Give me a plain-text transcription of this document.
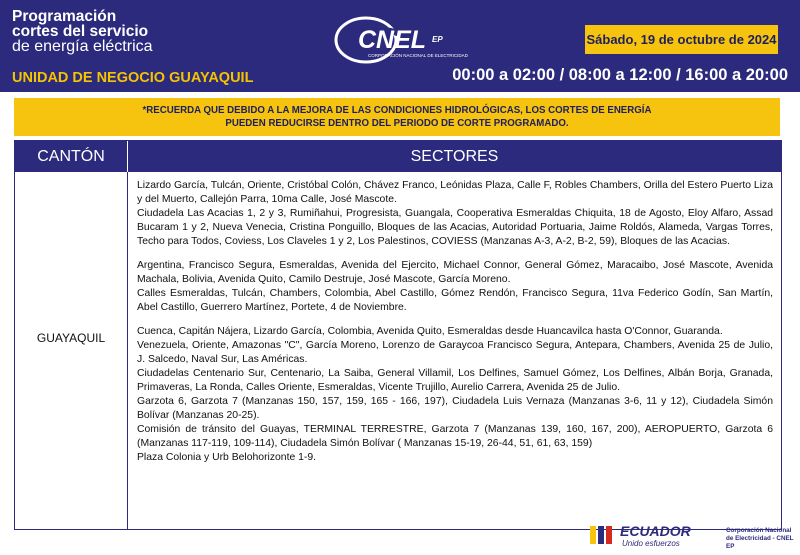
Programación
cortes del servicio
de energía eléctrica
UNIDAD DE NEGOCIO GUAYAQUIL
CNEL EP
CORPORACIÓN NACIONAL DE ELECTRICIDAD
Sábado, 19 de octubre de 2024
00:00 a 02:00 / 08:00 a 12:00 / 16:00 a 20:00
*RECUERDA QUE DEBIDO A LA MEJORA DE LAS CONDICIONES HIDROLÓGICAS, LOS CORTES DE ENERGÍA
PUEDEN REDUCIRSE DENTRO DEL PERIODO DE CORTE PROGRAMADO.
CANTÓN	SECTORES
GUAYAQUIL

Lizardo García, Tulcán, Oriente, Cristóbal Colón, Chávez Franco, Leónidas Plaza, Calle F, Robles Chambers, Orilla del Estero Puerto Liza y del Muerto, Callejón Parra, 10ma Calle, José Mascote.

Ciudadela Las Acacias 1, 2 y 3, Rumiñahui, Progresista, Guangala, Cooperativa Esmeraldas Chiquita, 18 de Agosto, Eloy Alfaro, Assad Bucaram 1 y 2, Nueva Venecia, Cristina Ponguillo, Bloques de las Acacias, Autoridad Portuaria, Jaime Roldós, Alameda, Vargas Torres, Techo para Todos, Coviess, Los Claveles 1 y 2, Los Palestinos, COVIESS (Manzanas A-3, A-2, B-2, 59), Bloques de las Acacias.

Argentina, Francisco Segura, Esmeraldas, Avenida del Ejercito, Michael Connor, General Gómez, Maracaibo, José Mascote, Avenida Machala, Bolivia, Avenida Quito, Camilo Destruje, José Mascote, García Moreno.

Calles Esmeraldas, Tulcán, Chambers, Colombia, Abel Castillo, Gómez Rendón, Francisco Segura, 11va Federico Godín, San Martín, Abel Castillo, Guerrero Martínez, Portete, 4 de Noviembre.

Cuenca, Capitán Nájera, Lizardo García, Colombia, Avenida Quito, Esmeraldas desde Huancavilca hasta O'Connor, Guaranda.

Venezuela, Oriente, Amazonas "C", García Moreno, Lorenzo de Garaycoa Francisco Segura, Antepara, Chambers, Avenida 25 de Julio, J. Salcedo, Naval Sur, Las Américas.

Ciudadelas Centenario Sur, Centenario, La Saiba, General Villamil, Los Delfines, Samuel Gómez, Los Delfines, Albán Borja, Granada, Primaveras, La Ronda, Calles Oriente, Esmeraldas, Vicente Trujillo, Aurelio Carrera, Avenida 25 de Julio.

Garzota 6, Garzota 7 (Manzanas 150, 157, 159, 165 - 166, 197), Ciudadela Luis Vernaza (Manzanas 3-6, 11 y 12), Ciudadela Simón Bolívar (Manzanas 20-25).

Comisión de tránsito del Guayas, TERMINAL TERRESTRE, Garzota 7 (Manzanas 139, 160, 167, 200), AEROPUERTO, Garzota 6 (Manzanas 117-119, 109-114), Ciudadela Simón Bolívar ( Manzanas 15-19, 26-44, 51, 61, 63, 159)

Plaza Colonia y Urb Belohorizonte 1-9.

ECUADOR
Unido esfuerzos
Corporación Nacional
de Electricidad - CNEL EP
